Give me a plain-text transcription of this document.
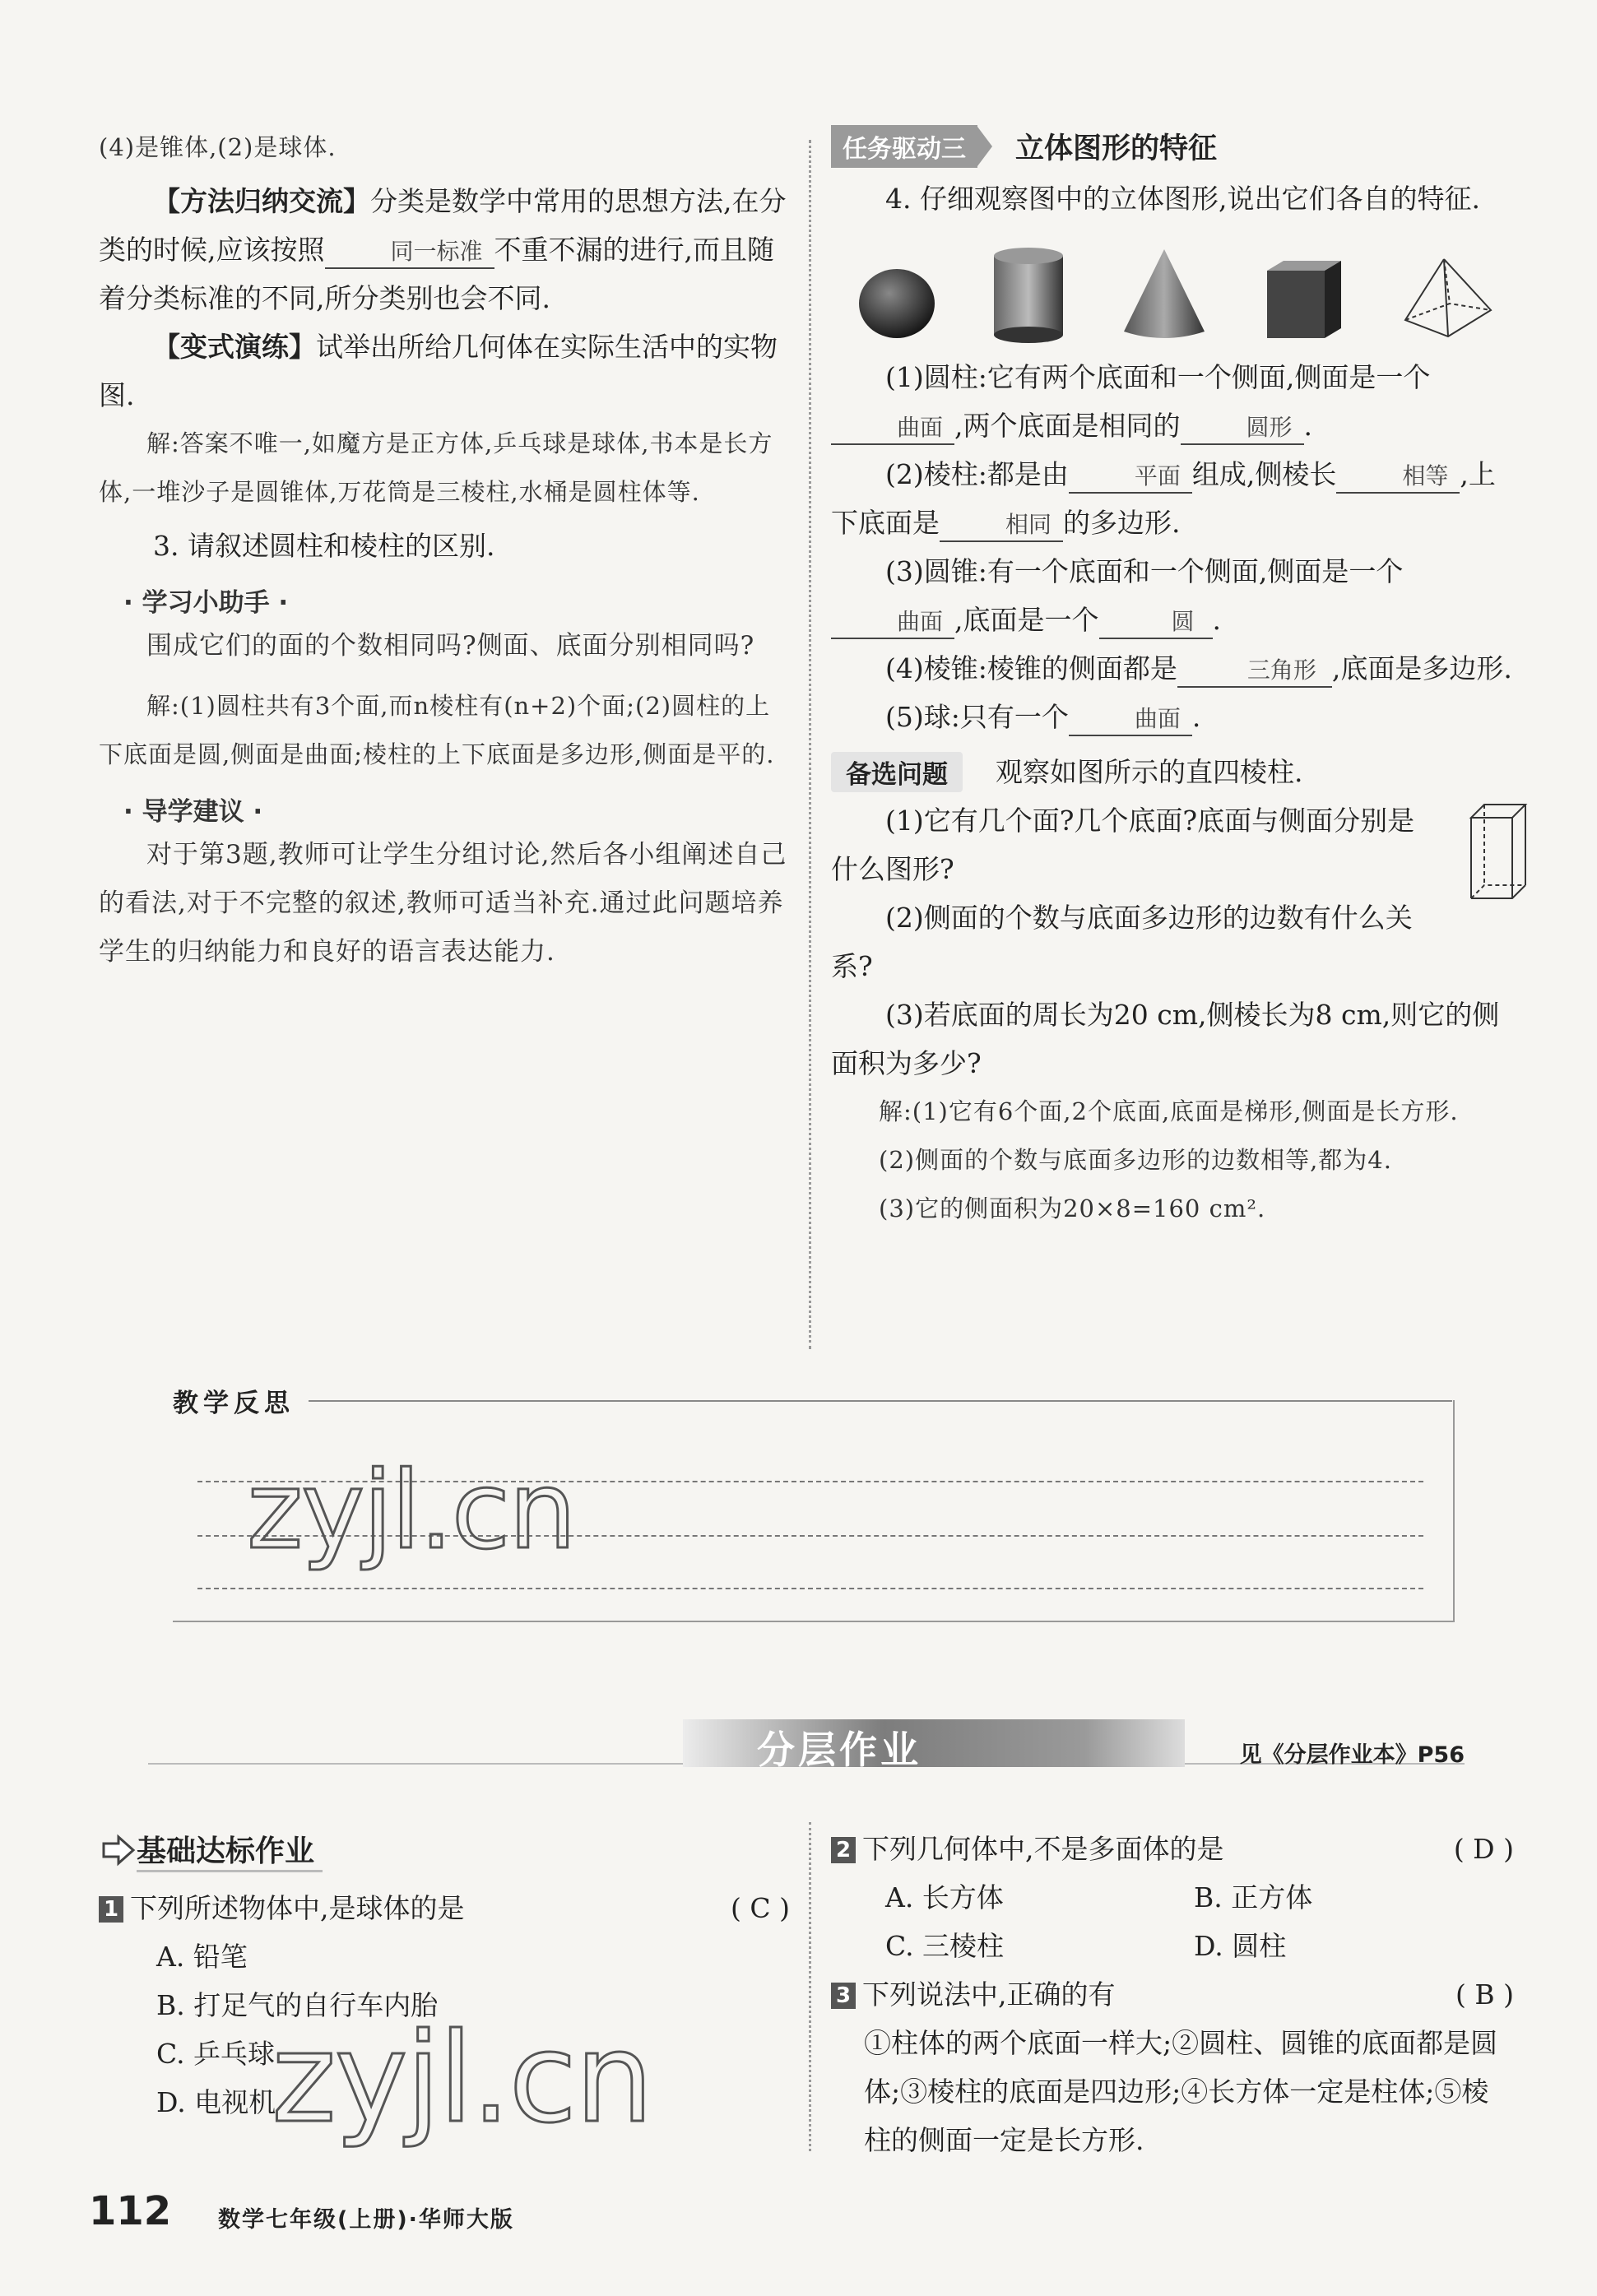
(4)是锥体,(2)是球体.

【方法归纳交流】分类是数学中常用的思想方法,在分类的时候,应该按照	同一标准 不重不漏的进行,而且随着分类标准的不同,所分类别也会不同.

【变式演练】试举出所给几何体在实际生活中的实物图.

解:答案不唯一,如魔方是正方体,乒乓球是球体,书本是长方体,一堆沙子是圆锥体,万花筒是三棱柱,水桶是圆柱体等.

3. 请叙述圆柱和棱柱的区别.

· 学习小助手 ·

围成它们的面的个数相同吗?侧面、底面分别相同吗?

解:(1)圆柱共有3个面,而n棱柱有(n+2)个面;(2)圆柱的上下底面是圆,侧面是曲面;棱柱的上下底面是多边形,侧面是平的.

· 导学建议 ·

对于第3题,教师可让学生分组讨论,然后各小组阐述自己的看法,对于不完整的叙述,教师可适当补充.通过此问题培养学生的归纳能力和良好的语言表达能力.

任务驱动三	立体图形的特征

4. 仔细观察图中的立体图形,说出它们各自的特征.

(1)圆柱:它有两个底面和一个侧面,侧面是一个曲面 ,两个底面是相同的	圆形 .

(2)棱柱:都是由	平面 组成,侧棱长	相等 ,上下底面是	相同 的多边形.

(3)圆锥:有一个底面和一个侧面,侧面是一个曲面 ,底面是一个	圆 .

(4)棱锥:棱锥的侧面都是	三角形 ,底面是多边形.

(5)球:只有一个	曲面 .

备选问题	观察如图所示的直四棱柱.

(1)它有几个面?几个底面?底面与侧面分别是什么图形?

(2)侧面的个数与底面多边形的边数有什么关系?

(3)若底面的周长为20 cm,侧棱长为8 cm,则它的侧面积为多少?

解:(1)它有6个面,2个底面,底面是梯形,侧面是长方形.

(2)侧面的个数与底面多边形的边数相等,都为4.

(3)它的侧面积为20×8=160 cm².

教学反思
zyjl.cn
分层作业	见《分层作业本》P56
基础达标作业
1 下列所述物体中,是球体的是	( C )
A. 铅笔
B. 打足气的自行车内胎
C. 乒乓球
D. 电视机
2 下列几何体中,不是多面体的是	( D )
A. 长方体	B. 正方体
C. 三棱柱	D. 圆柱
3 下列说法中,正确的有	( B )
①柱体的两个底面一样大;②圆柱、圆锥的底面都是圆体;③棱柱的底面是四边形;④长方体一定是柱体;⑤棱柱的侧面一定是长方形.
zyjl.cn
112 数学七年级(上册)·华师大版
